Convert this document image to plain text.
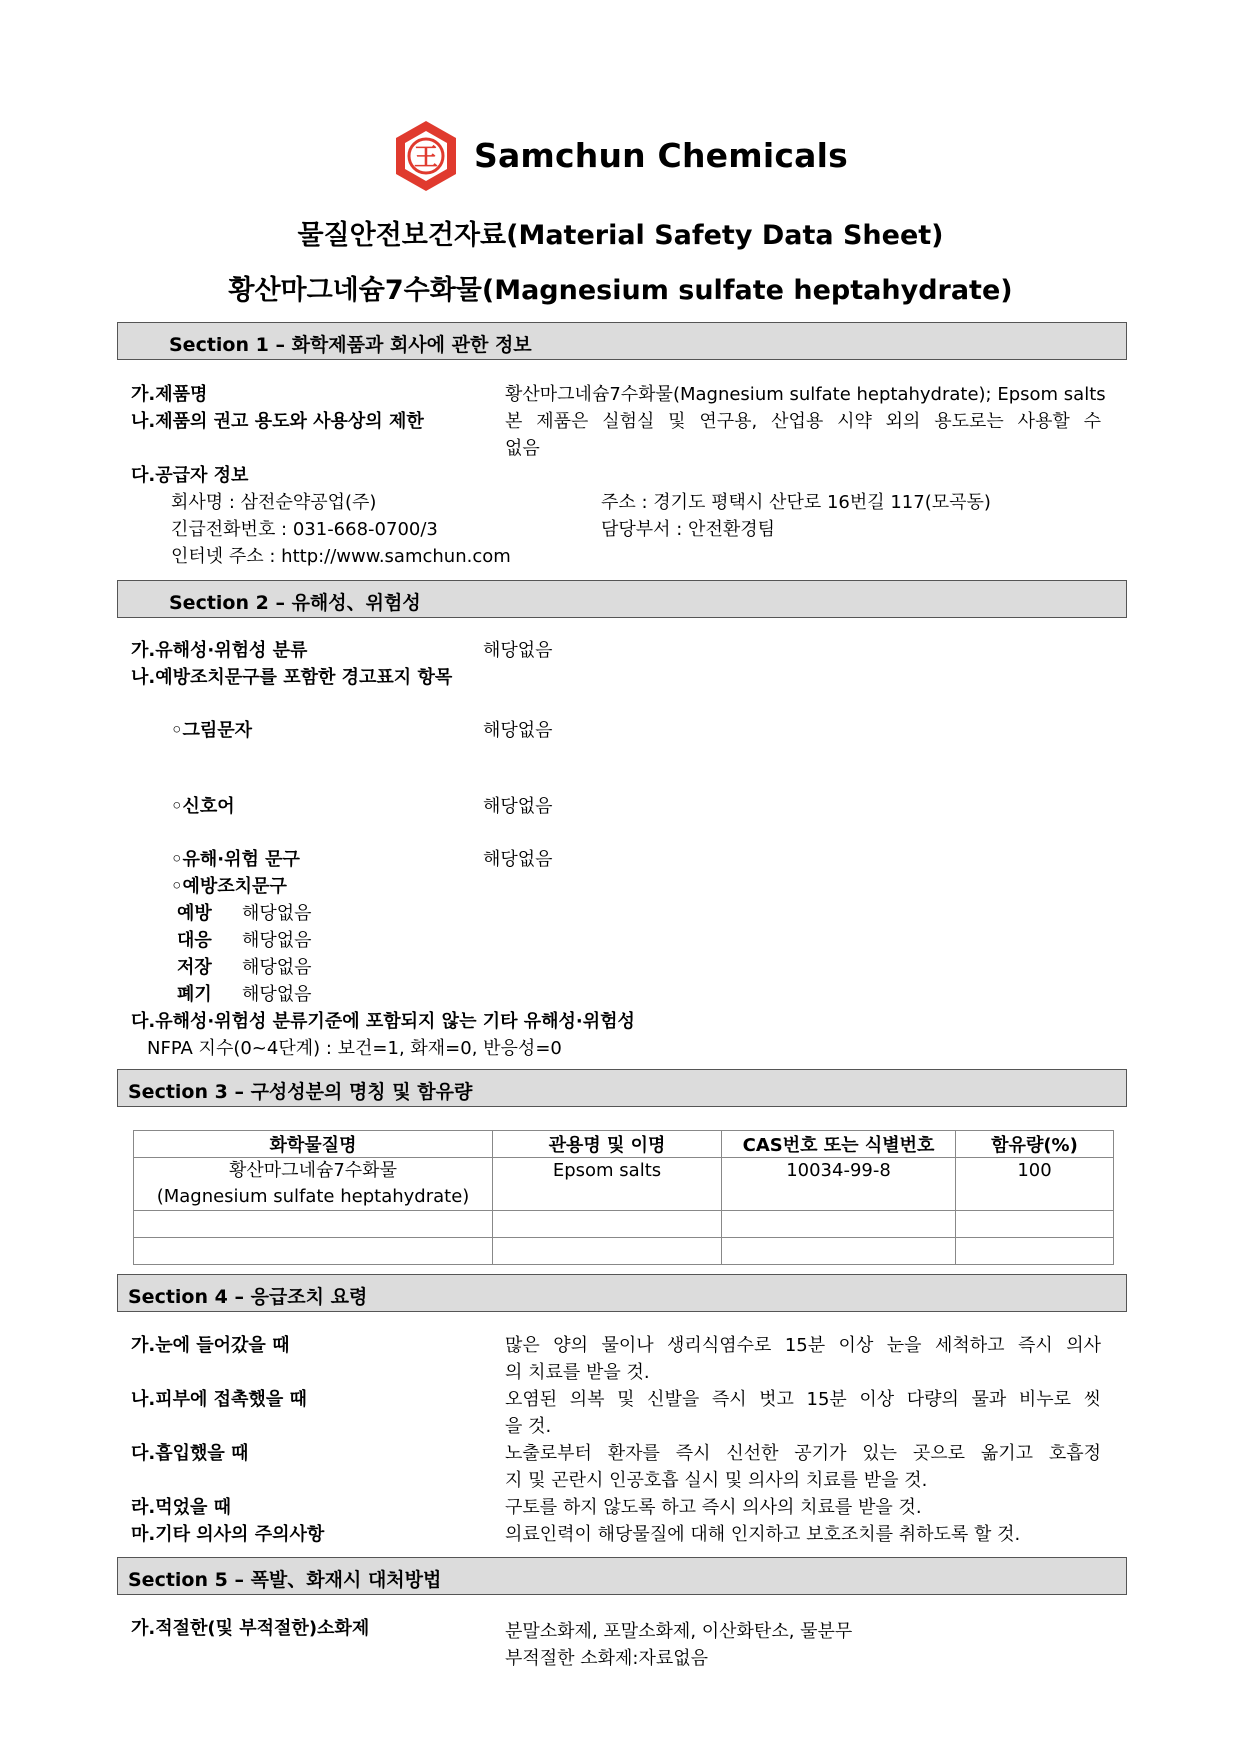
王 Samchun Chemicals
물질안전보건자료(Material Safety Data Sheet)
황산마그네슘7수화물(Magnesium sulfate heptahydrate)
Section 1 – 화학제품과 회사에 관한 정보
가.제품명	황산마그네슘7수화물(Magnesium sulfate heptahydrate); Epsom salts
나.제품의 권고 용도와 사용상의 제한	본 제품은 실험실 및 연구용, 산업용 시약 외의 용도로는 사용할 수
없음
다.공급자 정보
회사명 : 삼전순약공업(주)	주소 : 경기도 평택시 산단로 16번길 117(모곡동)
긴급전화번호 : 031-668-0700/3	담당부서 : 안전환경팀
인터넷 주소 : http://www.samchun.com
Section 2 – 유해성、위험성
가.유해성·위험성 분류	해당없음
나.예방조치문구를 포함한 경고표지 항목
◦그림문자	해당없음
◦신호어	해당없음
◦유해·위험 문구	해당없음
◦예방조치문구
예방 해당없음
대응 해당없음
저장 해당없음
폐기 해당없음
다.유해성·위험성 분류기준에 포함되지 않는 기타 유해성·위험성
NFPA 지수(0~4단계) : 보건=1, 화재=0, 반응성=0
Section 3 – 구성성분의 명칭 및 함유량
화학물질명	관용명 및 이명	CAS번호 또는 식별번호	함유량(%)

황산마그네슘7수화물
(Magnesium sulfate heptahydrate)	Epsom salts	10034-99-8	100

Section 4 – 응급조치 요령
가.눈에 들어갔을 때	많은 양의 물이나 생리식염수로 15분 이상 눈을 세척하고 즉시 의사
의 치료를 받을 것.
나.피부에 접촉했을 때	오염된 의복 및 신발을 즉시 벗고 15분 이상 다량의 물과 비누로 씻
을 것.
다.흡입했을 때	노출로부터 환자를 즉시 신선한 공기가 있는 곳으로 옮기고 호흡정
지 및 곤란시 인공호흡 실시 및 의사의 치료를 받을 것.
라.먹었을 때	구토를 하지 않도록 하고 즉시 의사의 치료를 받을 것.
마.기타 의사의 주의사항	의료인력이 해당물질에 대해 인지하고 보호조치를 취하도록 할 것.
Section 5 – 폭발、화재시 대처방법
가.적절한(및 부적절한)소화제	분말소화제, 포말소화제, 이산화탄소, 물분무
부적절한 소화제:자료없음
